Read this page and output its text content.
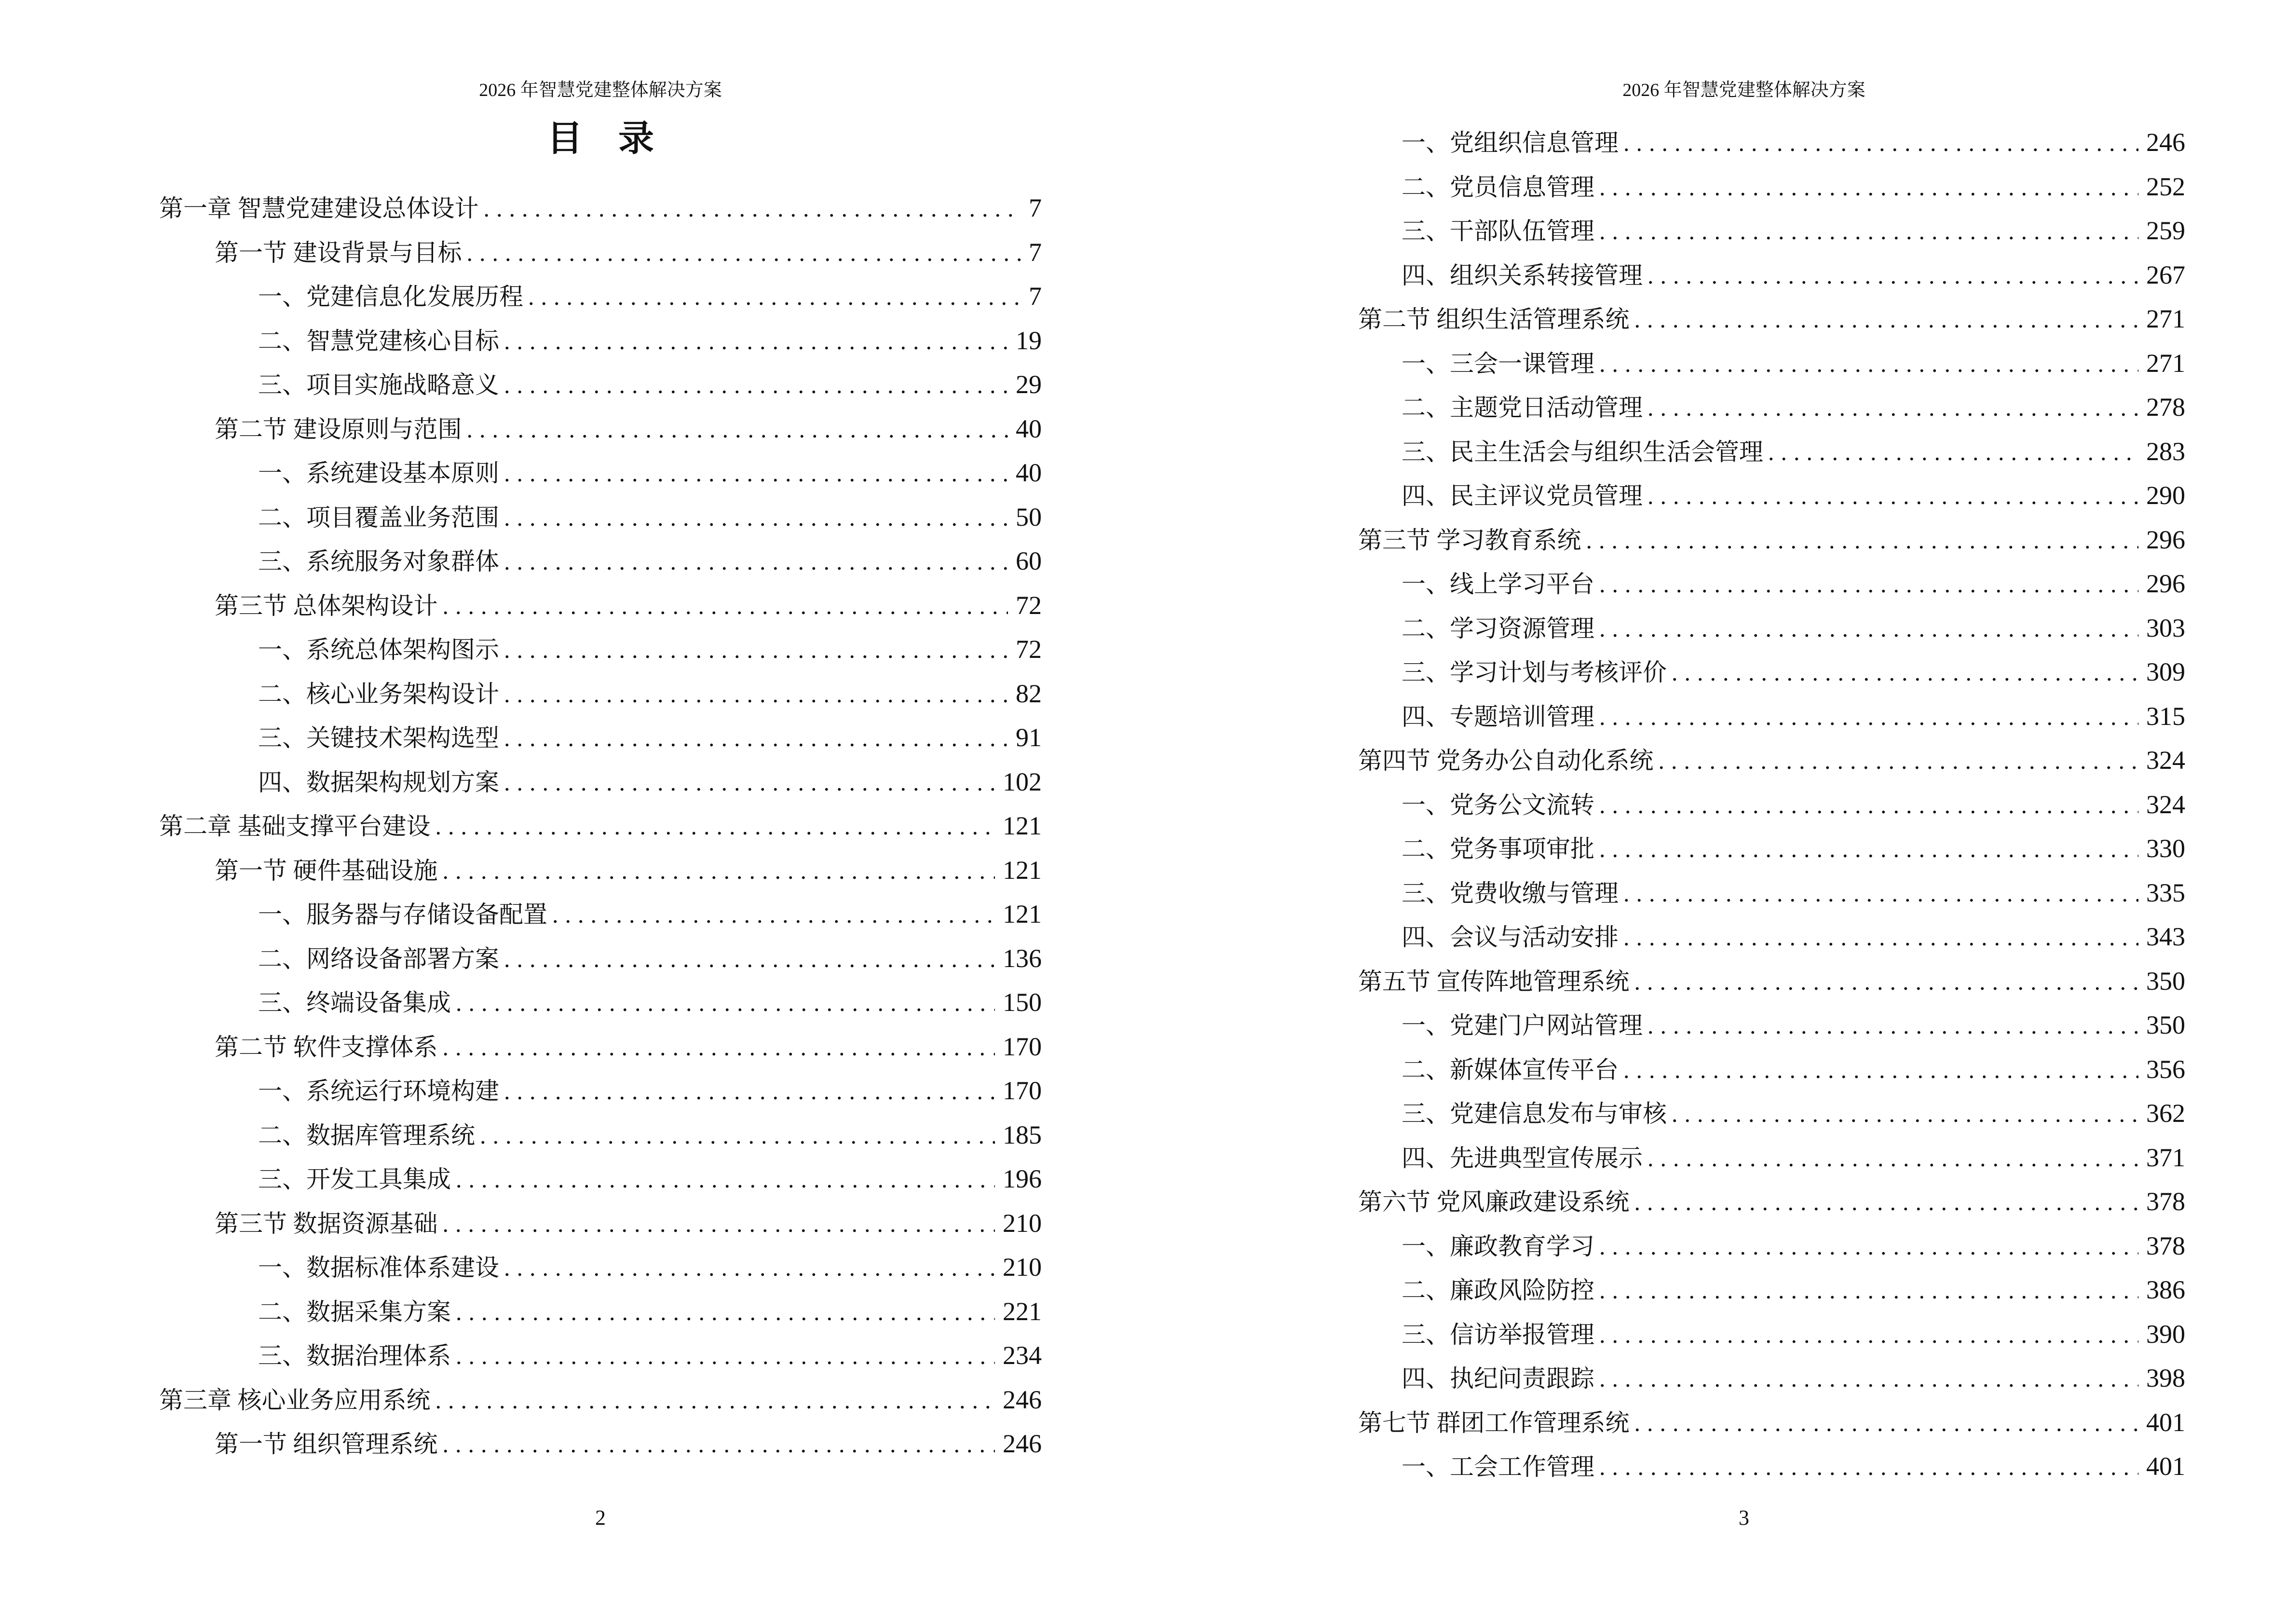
2026 年智慧党建整体解决方案
目　录
第一章 智慧党建建设总体设计 .....	7
第一节 建设背景与目标 .....	7
一、党建信息化发展历程 .....	7
二、智慧党建核心目标 .....	19
三、项目实施战略意义 .....	29
第二节 建设原则与范围 .....	40
一、系统建设基本原则 .....	40
二、项目覆盖业务范围 .....	50
三、系统服务对象群体 .....	60
第三节 总体架构设计 .....	72
一、系统总体架构图示 .....	72
二、核心业务架构设计 .....	82
三、关键技术架构选型 .....	91
四、数据架构规划方案 .....	102
第二章 基础支撑平台建设 .....	121
第一节 硬件基础设施 .....	121
一、服务器与存储设备配置 .....	121
二、网络设备部署方案 .....	136
三、终端设备集成 .....	150
第二节 软件支撑体系 .....	170
一、系统运行环境构建 .....	170
二、数据库管理系统 .....	185
三、开发工具集成 .....	196
第三节 数据资源基础 .....	210
一、数据标准体系建设 .....	210
二、数据采集方案 .....	221
三、数据治理体系 .....	234
第三章 核心业务应用系统 .....	246
第一节 组织管理系统 .....	246
2
2026 年智慧党建整体解决方案
一、党组织信息管理 .....	246
二、党员信息管理 .....	252
三、干部队伍管理 .....	259
四、组织关系转接管理 .....	267
第二节 组织生活管理系统 .....	271
一、三会一课管理 .....	271
二、主题党日活动管理 .....	278
三、民主生活会与组织生活会管理 .....	283
四、民主评议党员管理 .....	290
第三节 学习教育系统 .....	296
一、线上学习平台 .....	296
二、学习资源管理 .....	303
三、学习计划与考核评价 .....	309
四、专题培训管理 .....	315
第四节 党务办公自动化系统 .....	324
一、党务公文流转 .....	324
二、党务事项审批 .....	330
三、党费收缴与管理 .....	335
四、会议与活动安排 .....	343
第五节 宣传阵地管理系统 .....	350
一、党建门户网站管理 .....	350
二、新媒体宣传平台 .....	356
三、党建信息发布与审核 .....	362
四、先进典型宣传展示 .....	371
第六节 党风廉政建设系统 .....	378
一、廉政教育学习 .....	378
二、廉政风险防控 .....	386
三、信访举报管理 .....	390
四、执纪问责跟踪 .....	398
第七节 群团工作管理系统 .....	401
一、工会工作管理 .....	401
3
